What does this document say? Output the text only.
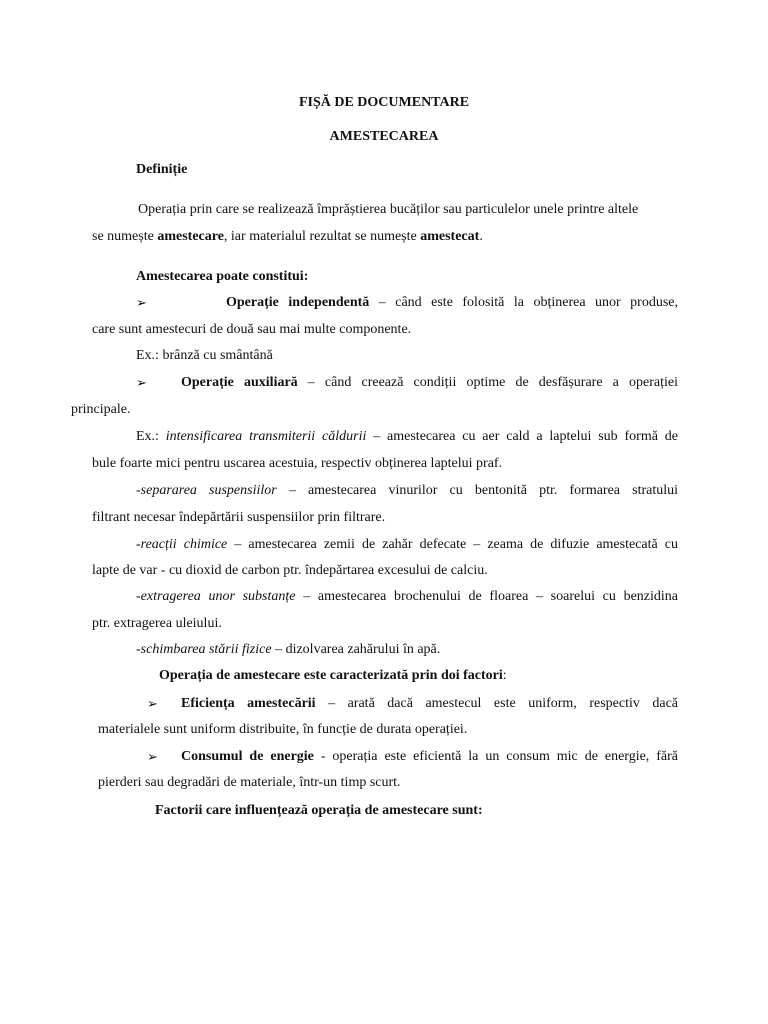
FIȘĂ DE DOCUMENTARE
AMESTECAREA
Definiție
Operația prin care se realizează împrăștierea bucăților sau particulelor unele printre altele
se numește amestecare, iar materialul rezultat se numește amestecat.
Amestecarea poate constitui:
➢	Operație independentă – când este folosită la obținerea unor produse,
care sunt amestecuri de două sau mai multe componente.
Ex.: brânză cu smântână
➢ Operație auxiliară – când creează condiții optime de desfășurare a operației
principale.
Ex.: intensificarea transmiterii căldurii – amestecarea cu aer cald a laptelui sub formă de
bule foarte mici pentru uscarea acestuia, respectiv obținerea laptelui praf.
-separarea suspensiilor – amestecarea vinurilor cu bentonită ptr. formarea stratului
filtrant necesar îndepărtării suspensiilor prin filtrare.
-reacții chimice – amestecarea zemii de zahăr defecate – zeama de difuzie amestecată cu
lapte de var - cu dioxid de carbon ptr. îndepărtarea excesului de calciu.
-extragerea unor substanțe – amestecarea brochenului de floarea – soarelui cu benzidina
ptr. extragerea uleiului.
-schimbarea stării fizice – dizolvarea zahărului în apă.
Operația de amestecare este caracterizată prin doi factori:
➢ Eficiența amestecării – arată dacă amestecul este uniform, respectiv dacă
materialele sunt uniform distribuite, în funcție de durata operației.
➢ Consumul de energie - operația este eficientă la un consum mic de energie, fără
pierderi sau degradări de materiale, într-un timp scurt.
Factorii care influențează operația de amestecare sunt:
